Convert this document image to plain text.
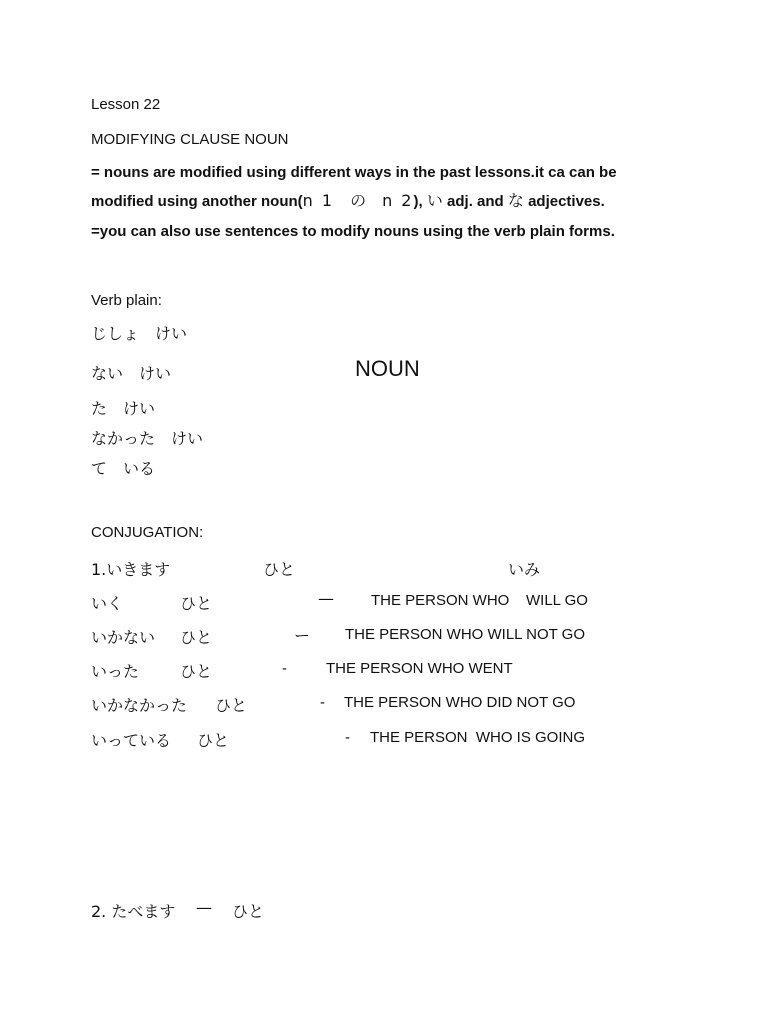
Lesson 22
MODIFYING CLAUSE NOUN
= nouns are modified using different ways in the past lessons.it ca can be
modified using another noun(n 1 の n 2), い adj. and な adjectives.
=you can also use sentences to modify nouns using the verb plain forms.
Verb plain:
じしょ　けい
ない　けい	NOUN
た　けい
なかった　けい
て　いる
CONJUGATION:
1.いきます	ひと	いみ
いく	ひと	— THE PERSON WHO    WILL GO
いかない ひと	ー THE PERSON WHO WILL NOT GO
いった	ひと	-	THE PERSON WHO WENT
いかなかった ひと	- THE PERSON WHO DID NOT GO
いっている ひと	- THE PERSON  WHO IS GOING
2. たべます — ひと
